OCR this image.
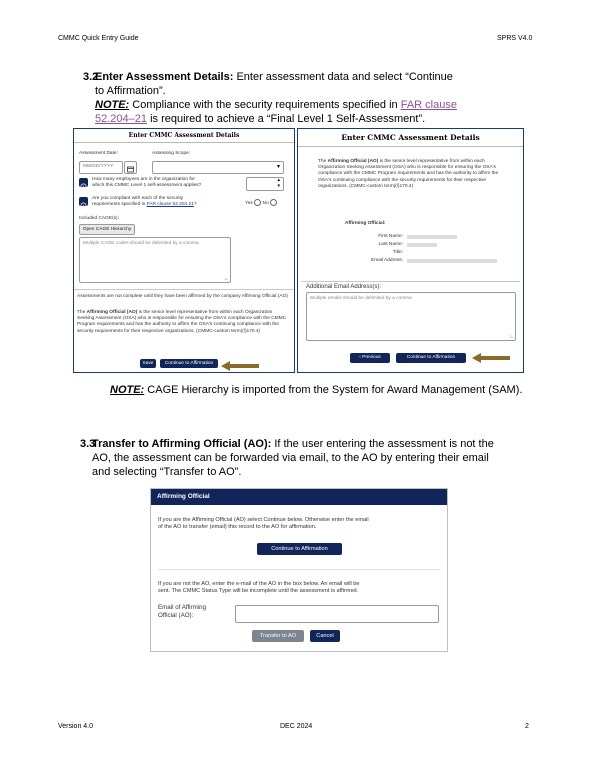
CMMC Quick Entry Guide	SPRS V4.0
3.2
Enter Assessment Details: Enter assessment data and select “Continue
to Affirmation”.
NOTE: Compliance with the security requirements specified in FAR clause
52.204–21 is required to achieve a “Final Level 1 Self-Assessment”.
Enter CMMC Assessment Details
Assessment Date:	Assessing Scope:
MM/DD/YYYY	▾
How many employees are in the organization for
which this CMMC Level 1 self-assessment applies?
▴
▾
Are you compliant with each of the security
requirements specified in FAR clause 52.204.21?	Yes No
Included CAGE(s):
Open CAGE Hierarchy
Multiple CAGE codes should be delimited by a comma
∟
Assessments are not complete until they have been affirmed by the company Affirming Official (AO)
The Affirming Official (AO) is the senior level representative from within each Organization Seeking Assessment (OSA) who is responsible for ensuring the OSA's compliance with the CMMC Program requirements and has the authority to affirm the OSA's continuing compliance with the security requirements for their respective organizations. (CMMC-custom term)(§170.4)
Save	Continue to Affirmation
Enter CMMC Assessment Details
The Affirming Official (AO) is the senior level representative from within each Organization Seeking Assessment (OSA) who is responsible for ensuring the OSA's compliance with the CMMC Program requirements and has the authority to affirm the OSA's continuing compliance with the security requirements for their respective organizations. (CMMC-custom term)(§170.4)
Affirming Official:
First Name:
Last Name:
Title:
Email Address:
Additional Email Address(s):
Multiple emails should be delimited by a comma
∟
‹ Previous	Continue to Affirmation
NOTE: CAGE Hierarchy is imported from the System for Award Management (SAM).
3.3
Transfer to Affirming Official (AO): If the user entering the assessment is not the
AO, the assessment can be forwarded via email, to the AO by entering their email
and selecting “Transfer to AO”.
Affirming Official
If you are the Affirming Official (AO) select Continue below. Otherwise enter the email
of the AO to transfer (email) this record to the AO for affirmation.
Continue to Affirmation
If you are not the AO, enter the e-mail of the AO in the box below. An email will be
sent. The CMMC Status Type will be incomplete until the assessment is affirmed.
Email of Affirming
Official (AO):
Transfer to AO	Cancel
Version 4.0	DEC 2024	2
